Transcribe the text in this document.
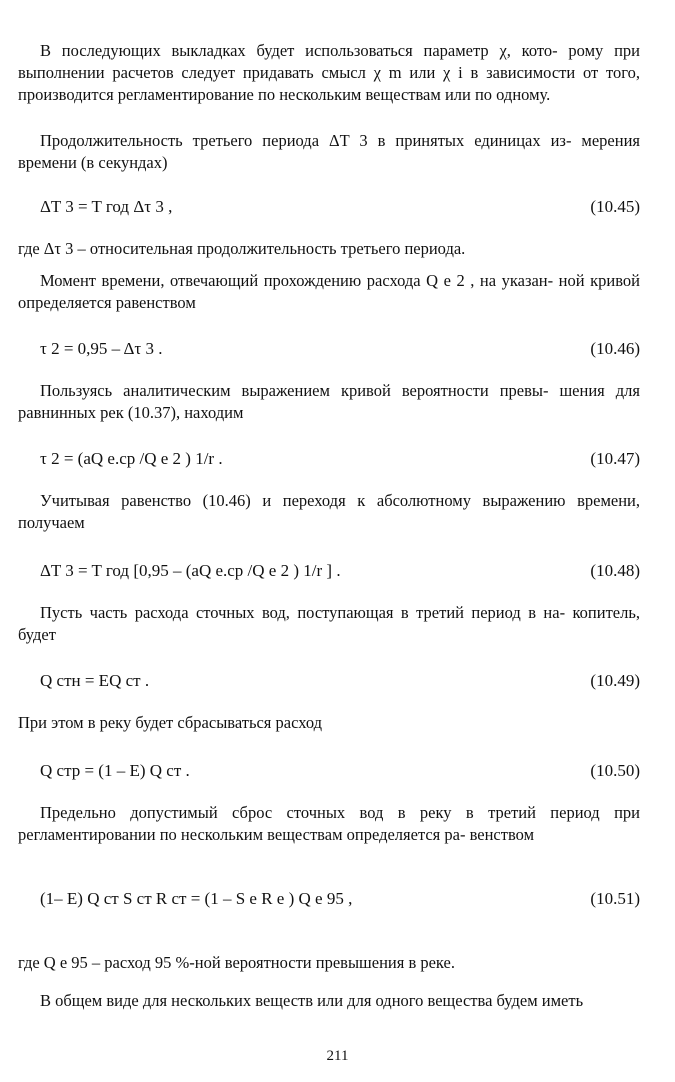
В последующих выкладках будет использоваться параметр χ, кото- рому при выполнении расчетов следует придавать смысл χ m или χ i в зависимости от того, производится регламентирование по нескольким веществам или по одному.

Продолжительность третьего периода ΔT 3 в принятых единицах из- мерения времени (в секундах)

ΔT 3 = T год Δτ 3 ,	(10.45)

где Δτ 3 – относительная продолжительность третьего периода.

Момент времени, отвечающий прохождению расхода Q e 2 , на указан- ной кривой определяется равенством

τ 2 = 0,95 – Δτ 3 .	(10.46)

Пользуясь аналитическим выражением кривой вероятности превы- шения для равнинных рек (10.37), находим

τ 2 = (aQ e.cp /Q e 2 ) 1/r .	(10.47)

Учитывая равенство (10.46) и переходя к абсолютному выражению времени, получаем

ΔT 3 = T год [0,95 – (aQ e.cp /Q e 2 ) 1/r ] .	(10.48)

Пусть часть расхода сточных вод, поступающая в третий период в на- копитель, будет

Q стн = EQ ст .	(10.49)

При этом в реку будет сбрасываться расход

Q стр = (1 – E) Q ст .	(10.50)

Предельно допустимый сброс сточных вод в реку в третий период при регламентировании по нескольким веществам определяется ра- венством

(1– E) Q ст S ст R ст = (1 – S e R e ) Q e 95 ,	(10.51)

где Q e 95 – расход 95 %-ной вероятности превышения в реке.

В общем виде для нескольких веществ или для одного вещества будем иметь

211
